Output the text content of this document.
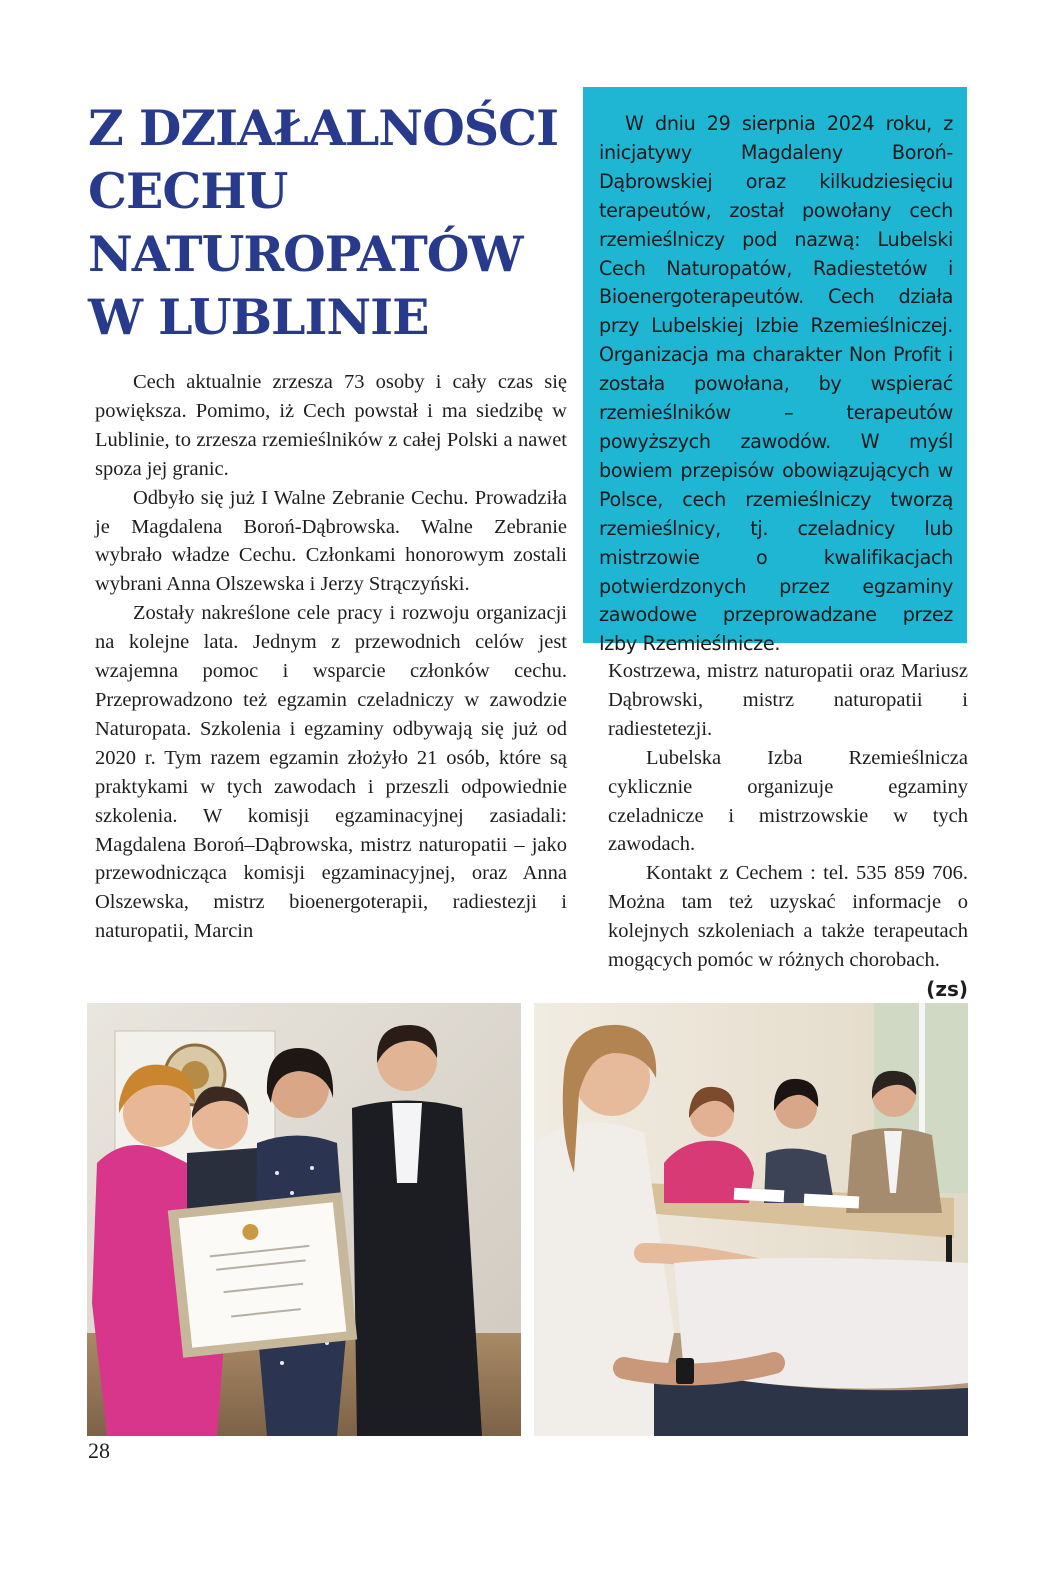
Z DZIAŁALNOŚCI
CECHU
NATUROPATÓW
W LUBLINIE

Cech aktualnie zrzesza 73 osoby i cały czas się powiększa. Pomimo, iż Cech powstał i ma siedzibę w Lublinie, to zrzesza rzemieślników z całej Polski a nawet spoza jej granic.

Odbyło się już I Walne Zebranie Cechu. Prowadziła je Magdalena Boroń-Dąbrowska. Walne Zebranie wybrało władze Cechu. Członkami honorowym zostali wybrani Anna Olszewska i Jerzy Strączyński.

Zostały nakreślone cele pracy i rozwoju organizacji na kolejne lata. Jednym z przewodnich celów jest wzajemna pomoc i wsparcie członków cechu. Przeprowadzono też egzamin czeladniczy w zawodzie Naturopata. Szkolenia i egzaminy odbywają się już od 2020 r. Tym razem egzamin złożyło 21 osób, które są praktykami w tych zawodach i przeszli odpowiednie szkolenia. W komisji egzaminacyjnej zasiadali: Magdalena Boroń–Dąbrowska, mistrz naturopatii – jako przewodnicząca komisji egzaminacyjnej, oraz Anna Olszewska, mistrz bioenergoterapii, radiestezji i naturopatii, Marcin

W dniu 29 sierpnia 2024 roku, z inicjatywy Magdaleny Boroń-Dąbrowskiej oraz kilkudziesięciu terapeutów, został powołany cech rzemieślniczy pod nazwą: Lubelski Cech Naturopatów, Radiestetów i Bioenergoterapeutów. Cech działa przy Lubelskiej Izbie Rzemieślniczej. Organizacja ma charakter Non Profit i została powołana, by wspierać rzemieślników – terapeutów powyższych zawodów. W myśl bowiem przepisów obowiązujących w Polsce, cech rzemieślniczy tworzą rzemieślnicy, tj. czeladnicy lub mistrzowie o kwalifikacjach potwierdzonych przez egzaminy zawodowe przeprowadzane przez Izby Rzemieślnicze.

Kostrzewa, mistrz naturopatii oraz Mariusz Dąbrowski, mistrz naturopatii i radiestetezji.

Lubelska Izba Rzemieślnicza cyklicznie organizuje egzaminy czeladnicze i mistrzowskie w tych zawodach.

Kontakt z Cechem : tel. 535 859 706. Można tam też uzyskać informacje o kolejnych szkoleniach a także terapeutach mogących pomóc w różnych chorobach.
(zs)

28
